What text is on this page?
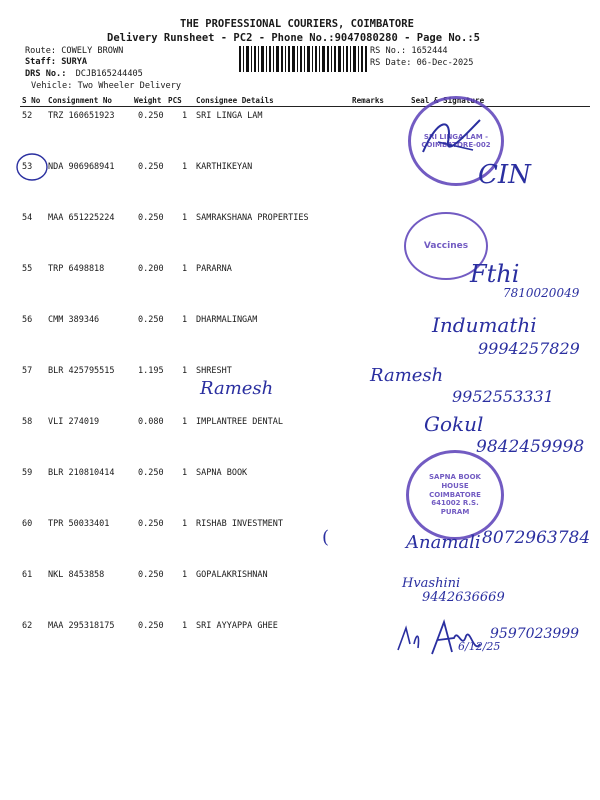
THE PROFESSIONAL COURIERS, COIMBATORE
Delivery Runsheet - PC2 - Phone No.:9047080280 - Page No.:5
Route: COWELY BROWN
Staff: SURYA
DRS No.: DCJB165244405
Vehicle: Two Wheeler Delivery
RS No.: 1652444
RS Date: 06-Dec-2025
S No Consignment No	Weight PCS Consignee Details	Remarks	Seal & Signature
52 TRZ 160651923	0.250 1 SRI LINGA LAM
53 NDA 906968941	0.250 1 KARTHIKEYAN
54 MAA 651225224	0.250 1 SAMRAKSHANA PROPERTIES
55 TRP 6498818	0.200 1 PARARNA
56 CMM 389346	0.250 1 DHARMALINGAM
57 BLR 425795515	1.195 1 SHRESHT
58 VLI 274019	0.080 1 IMPLANTREE DENTAL
59 BLR 210810414	0.250 1 SAPNA BOOK
60 TPR 50033401	0.250 1 RISHAB INVESTMENT
61 NKL 8453858	0.250 1 GOPALAKRISHNAN
62 MAA 295318175	0.250 1 SRI AYYAPPA GHEE
SRI LINGA LAM - COIMBATORE-002
CIN
Vaccines
Fthi
7810020049
Indumathi
9994257829
Ramesh
Ramesh
9952553331
Gokul
9842459998
SAPNA BOOK HOUSE COIMBATORE 641002 R.S. PURAM
(	Anamali 8072963784
Hvashini
9442636669
6/12/25
9597023999
